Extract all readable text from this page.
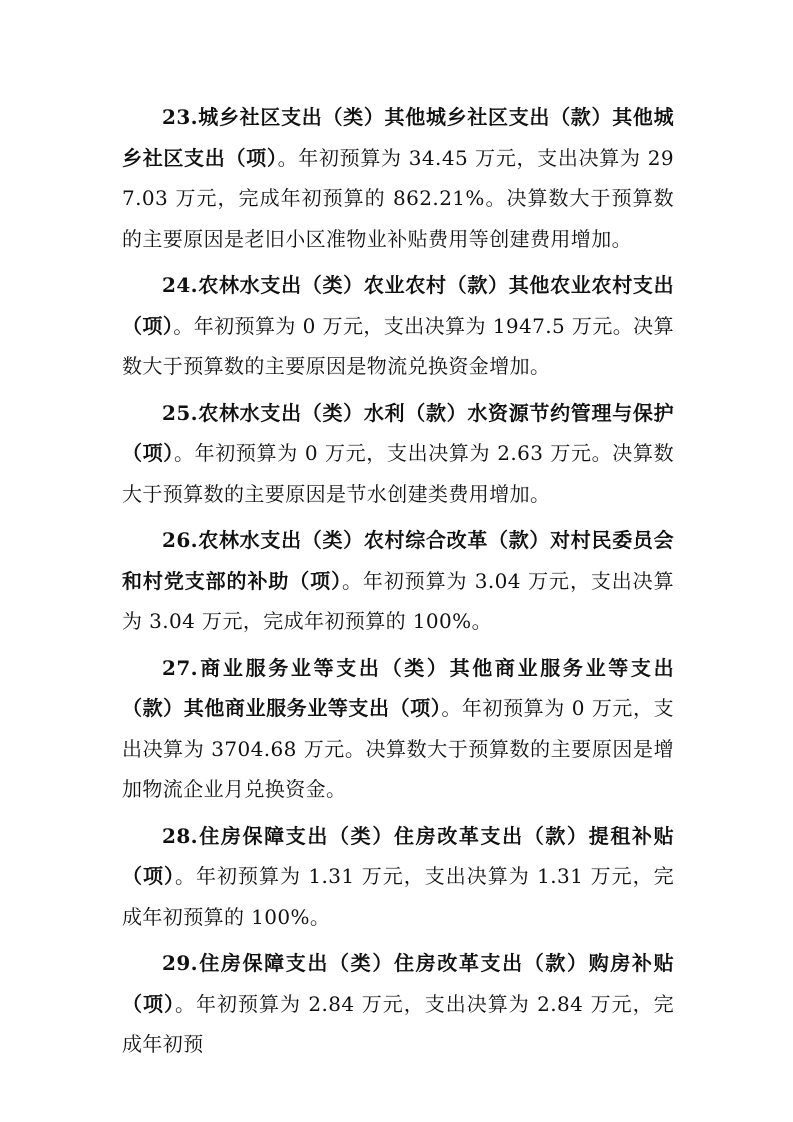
23.城乡社区支出（类）其他城乡社区支出（款）其他城乡社区支出（项）。年初预算为 34.45 万元，支出决算为 297.03 万元，完成年初预算的 862.21%。决算数大于预算数的主要原因是老旧小区准物业补贴费用等创建费用增加。

24.农林水支出（类）农业农村（款）其他农业农村支出（项）。年初预算为 0 万元，支出决算为 1947.5 万元。决算数大于预算数的主要原因是物流兑换资金增加。

25.农林水支出（类）水利（款）水资源节约管理与保护（项）。年初预算为 0 万元，支出决算为 2.63 万元。决算数大于预算数的主要原因是节水创建类费用增加。

26.农林水支出（类）农村综合改革（款）对村民委员会和村党支部的补助（项）。年初预算为 3.04 万元，支出决算为 3.04 万元，完成年初预算的 100%。

27.商业服务业等支出（类）其他商业服务业等支出（款）其他商业服务业等支出（项）。年初预算为 0 万元，支出决算为 3704.68 万元。决算数大于预算数的主要原因是增加物流企业月兑换资金。

28.住房保障支出（类）住房改革支出（款）提租补贴（项）。年初预算为 1.31 万元，支出决算为 1.31 万元，完成年初预算的 100%。

29.住房保障支出（类）住房改革支出（款）购房补贴（项）。年初预算为 2.84 万元，支出决算为 2.84 万元，完成年初预
